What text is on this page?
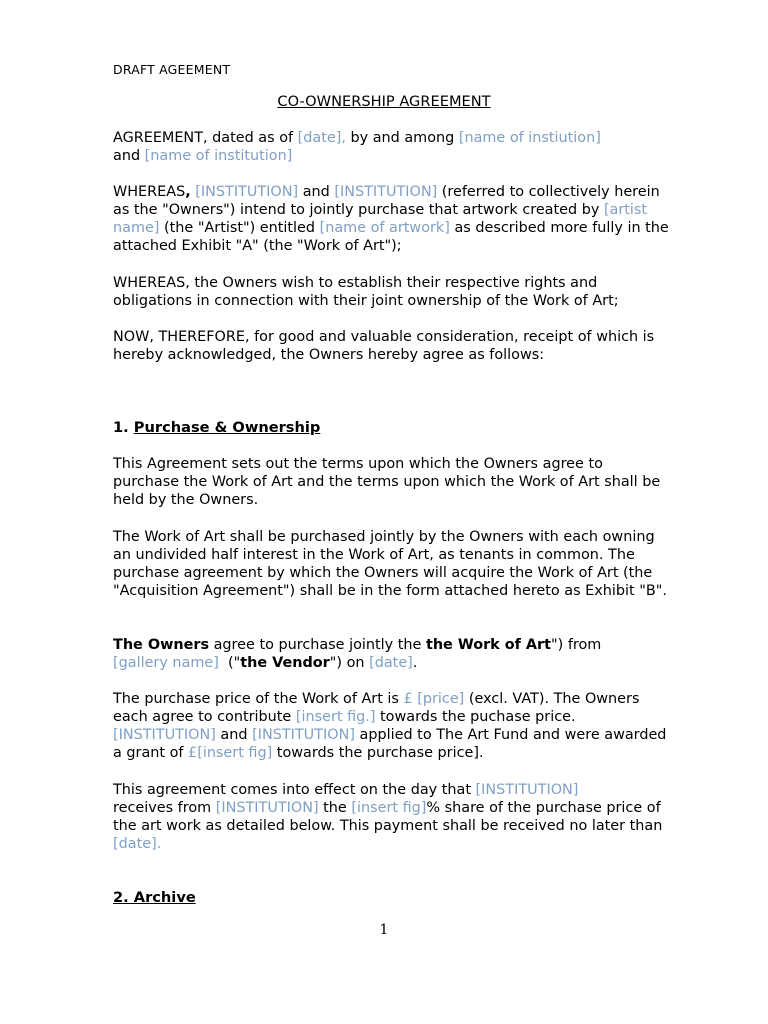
DRAFT AGEEMENT
CO-OWNERSHIP AGREEMENT

AGREEMENT, dated as of [date], by and among [name of instiution]
and [name of institution]

WHEREAS, [INSTITUTION] and [INSTITUTION] (referred to collectively herein as the "Owners") intend to jointly purchase that artwork created by [artist name] (the "Artist") entitled [name of artwork] as described more fully in the attached Exhibit "A" (the "Work of Art");

WHEREAS, the Owners wish to establish their respective rights and obligations in connection with their joint ownership of the Work of Art;

NOW, THEREFORE, for good and valuable consideration, receipt of which is hereby acknowledged, the Owners hereby agree as follows:

1. Purchase & Ownership

This Agreement sets out the terms upon which the Owners agree to purchase the Work of Art and the terms upon which the Work of Art shall be held by the Owners.

The Work of Art shall be purchased jointly by the Owners with each owning an undivided half interest in the Work of Art, as tenants in common. The purchase agreement by which the Owners will acquire the Work of Art (the "Acquisition Agreement") shall be in the form attached hereto as Exhibit "B".

The Owners agree to purchase jointly the the Work of Art") from
[gallery name]  ("the Vendor") on [date].

The purchase price of the Work of Art is £ [price] (excl. VAT). The Owners each agree to contribute [insert fig.] towards the puchase price. [INSTITUTION] and [INSTITUTION] applied to The Art Fund and were awarded a grant of £[insert fig] towards the purchase price].

This agreement comes into effect on the day that [INSTITUTION]
receives from [INSTITUTION] the [insert fig]% share of the purchase price of the art work as detailed below. This payment shall be received no later than [date].

2. Archive
1
